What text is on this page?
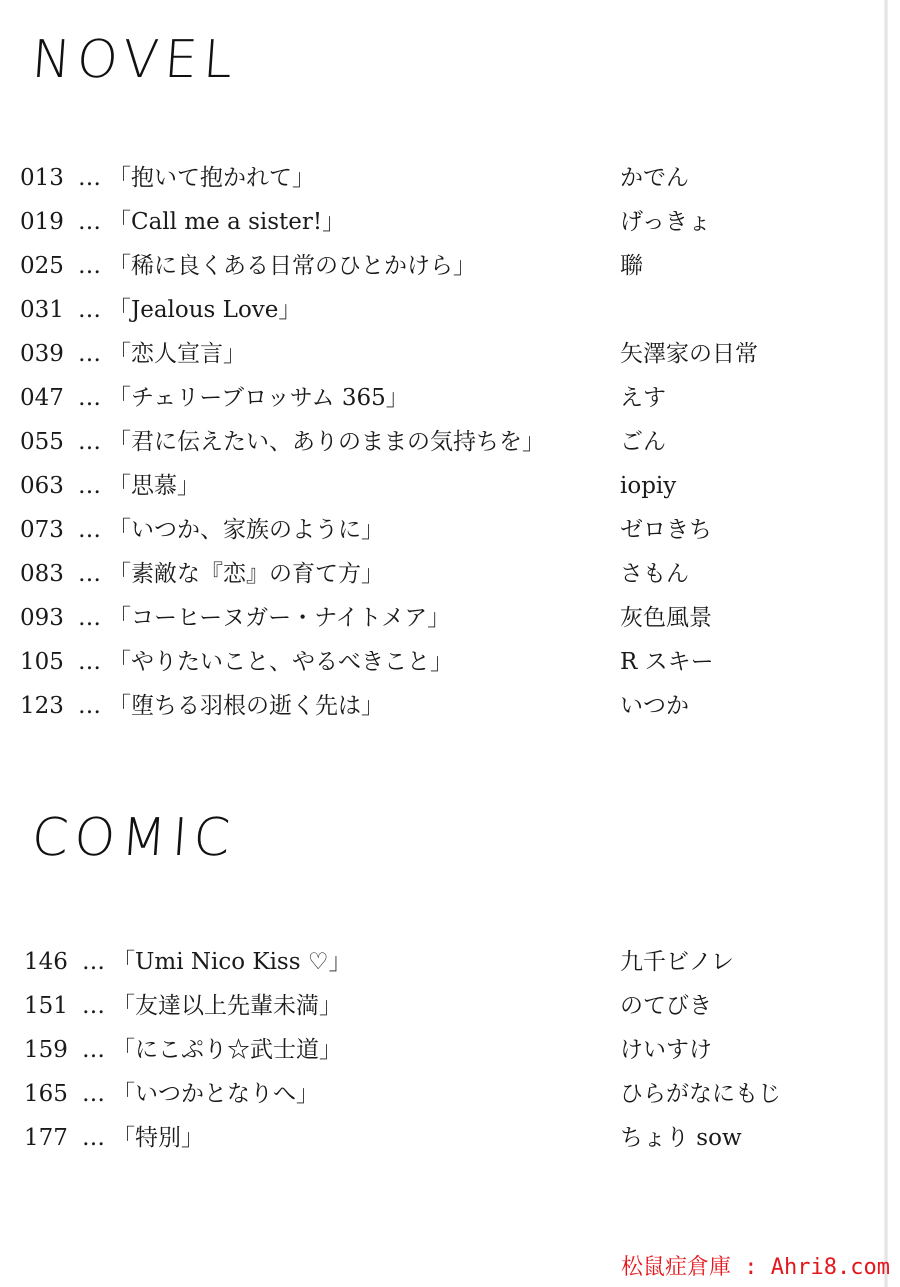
NOVEL
013 … 「抱いて抱かれて」	かでん
019 … 「Call me a sister!」	げっきょ
025 … 「稀に良くある日常のひとかけら」	聯
031 … 「Jealous Love」
039 … 「恋人宣言」	矢澤家の日常
047 … 「チェリーブロッサム 365」	えす
055 … 「君に伝えたい、ありのままの気持ちを」	ごん
063 … 「思慕」	iopiy
073 … 「いつか、家族のように」	ゼロきち
083 … 「素敵な『恋』の育て方」	さもん
093 … 「コーヒーヌガー・ナイトメア」	灰色風景
105 … 「やりたいこと、やるべきこと」	R スキー
123 … 「堕ちる羽根の逝く先は」	いつか
COMIC
146 … 「Umi Nico Kiss ♡」	九千ビノレ
151 … 「友達以上先輩未満」	のてびき
159 … 「にこぷり☆武士道」	けいすけ
165 … 「いつかとなりへ」	ひらがなにもじ
177 … 「特別」	ちょり sow
松鼠症倉庫 : Ahri8.com
